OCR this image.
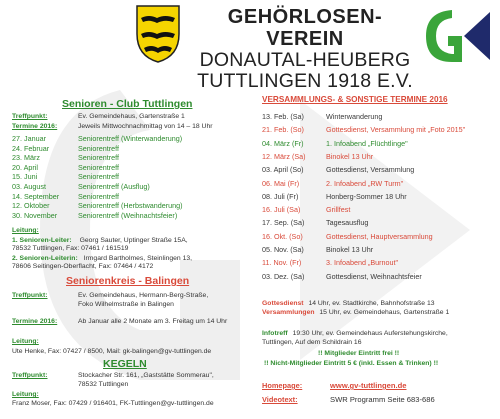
GEHÖRLOSEN-VEREIN
DONAUTAL-HEUBERG
TUTTLINGEN 1918 E.V.
Senioren - Club Tuttlingen
Treffpunkt:	Ev. Gemeindehaus, Gartenstraße 1
Termine 2016:	Jeweils Mittwochnachmittag von 14 – 18 Uhr
27. Januar	Seniorentreff (Winterwanderung)
24. Februar	Seniorentreff
23. März	Seniorentreff
20. April	Seniorentreff
15. Juni	Seniorentreff
03. August	Seniorentreff (Ausflug)
14. September	Seniorentreff
12. Oktober	Seniorentreff (Herbstwanderung)
30. November	Seniorentreff (Weihnachtsfeier)
Leitung:
1. Senioren-Leiter: Georg Sauter, Uptinger Straße 15A,
78532 Tuttlingen, Fax: 07461 / 161519
2. Senioren-Leiterin: Irmgard Bartholmes, Steinlingen 13,
78606 Seitingen-Oberflacht, Fax: 07464 / 4172
Seniorenkreis - Balingen
Treffpunkt:	Ev. Gemeindehaus, Hermann-Berg-Straße,
Foko Wilhelmstraße in Balingen
Termine 2016:	Ab Januar alle 2 Monate am 3. Freitag um 14 Uhr
Leitung:
Ute Henke, Fax: 07427 / 8500, Mail: gk-balingen@gv-tuttlingen.de
KEGELN
Treffpunkt:	Stockacher Str. 161, „Gaststätte Sommerau",
78532 Tuttlingen
Leitung:
Franz Moser, Fax: 07429 / 916401, FK-Tuttlingen@gv-tuttlingen.de
VERSAMMLUNGS- & SONSTIGE TERMINE 2016
13. Feb. (Sa)	Winterwanderung
21. Feb. (So)	Gottesdienst, Versammlung mit „Foto 2015"
04. März (Fr)	1. Infoabend „Flüchtlinge"
12. März (Sa)	Binokel 13 Uhr
03. April (So)	Gottesdienst, Versammlung
06. Mai (Fr)	2. Infoabend „RW Turm"
08. Juli (Fr)	Honberg-Sommer 18 Uhr
16. Juli (Sa)	Grillfest
17. Sep. (Sa)	Tagesausflug
16. Okt. (So)	Gottesdienst, Hauptversammlung
05. Nov. (Sa)	Binokel 13 Uhr
11. Nov. (Fr)	3. Infoabend „Burnout"
03. Dez. (Sa)	Gottesdienst, Weihnachtsfeier
Gottesdienst 14 Uhr, ev. Stadtkirche, Bahnhofstraße 13
Versammlungen 15 Uhr, ev. Gemeindehaus, Gartenstraße 1
Infotreff 19:30 Uhr, ev. Gemeindehaus Auferstehungskirche,
Tuttlingen, Auf dem Schildrain 16
!! Mitglieder Eintritt frei !!
!! Nicht-Mitglieder Eintritt 5 € (inkl. Essen & Trinken) !!
Homepage:	www.gv-tuttlingen.de
Videotext:	SWR Programm Seite 683-686
